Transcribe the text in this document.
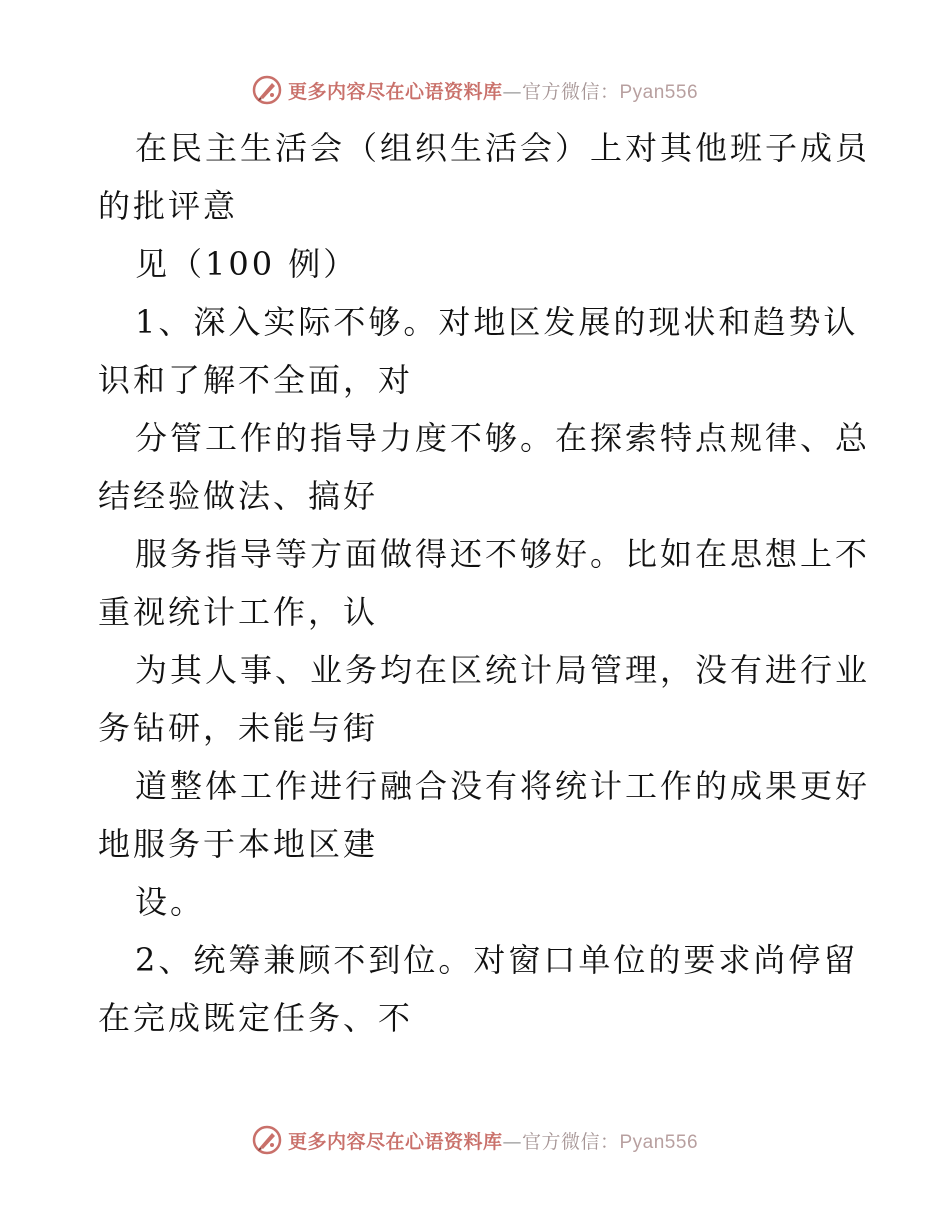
更多内容尽在心语资料库—官方微信：Pyan556
在民主生活会（组织生活会）上对其他班子成员
的批评意
见（100 例）
1、深入实际不够。对地区发展的现状和趋势认
识和了解不全面，对
分管工作的指导力度不够。在探索特点规律、总
结经验做法、搞好
服务指导等方面做得还不够好。比如在思想上不
重视统计工作，认
为其人事、业务均在区统计局管理，没有进行业
务钻研，未能与街
道整体工作进行融合没有将统计工作的成果更好
地服务于本地区建
设。
2、统筹兼顾不到位。对窗口单位的要求尚停留
在完成既定任务、不
更多内容尽在心语资料库—官方微信：Pyan556
